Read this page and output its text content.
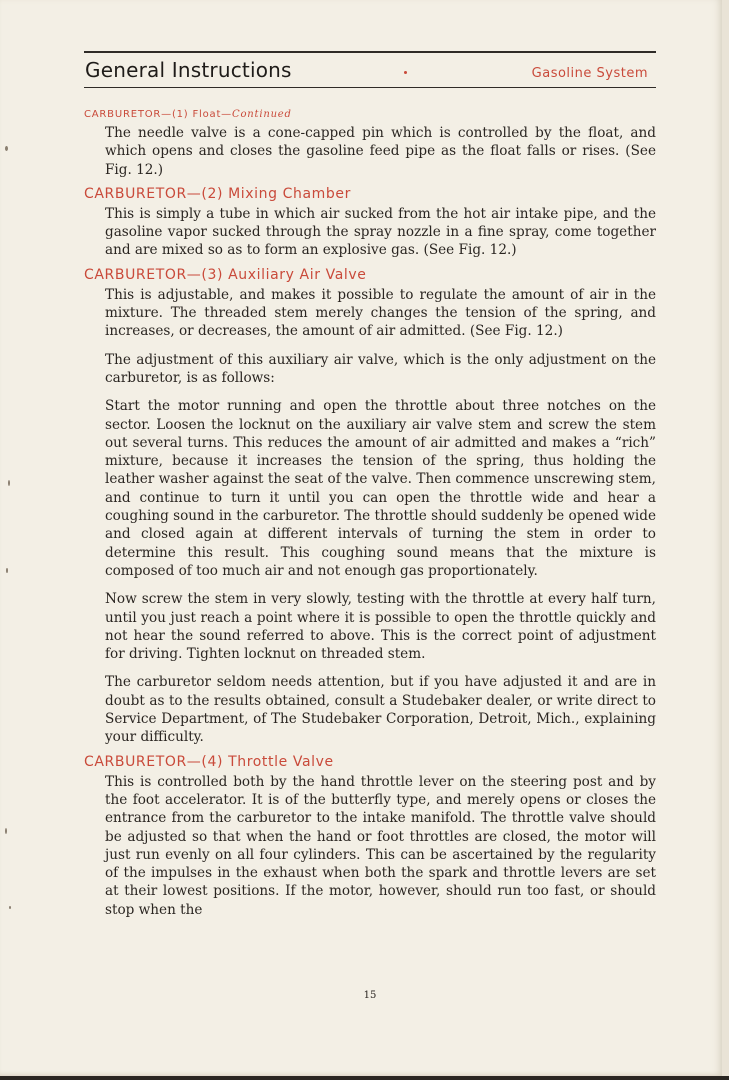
General Instructions	Gasoline System
CARBURETOR—(1) Float—Continued

The needle valve is a cone-capped pin which is controlled by the float, and which opens and closes the gasoline feed pipe as the float falls or rises. (See Fig. 12.)

CARBURETOR—(2) Mixing Chamber

This is simply a tube in which air sucked from the hot air intake pipe, and the gasoline vapor sucked through the spray nozzle in a fine spray, come together and are mixed so as to form an explosive gas. (See Fig. 12.)

CARBURETOR—(3) Auxiliary Air Valve

This is adjustable, and makes it possible to regulate the amount of air in the mixture. The threaded stem merely changes the tension of the spring, and increases, or decreases, the amount of air admitted. (See Fig. 12.)

The adjustment of this auxiliary air valve, which is the only adjustment on the carburetor, is as follows:

Start the motor running and open the throttle about three notches on the sector. Loosen the locknut on the auxiliary air valve stem and screw the stem out several turns. This reduces the amount of air admitted and makes a “rich” mixture, because it increases the tension of the spring, thus holding the leather washer against the seat of the valve. Then commence unscrewing stem, and continue to turn it until you can open the throttle wide and hear a coughing sound in the carburetor. The throttle should suddenly be opened wide and closed again at different intervals of turning the stem in order to determine this result. This coughing sound means that the mixture is composed of too much air and not enough gas proportionately.

Now screw the stem in very slowly, testing with the throttle at every half turn, until you just reach a point where it is possible to open the throttle quickly and not hear the sound referred to above. This is the correct point of adjustment for driving. Tighten locknut on threaded stem.

The carburetor seldom needs attention, but if you have adjusted it and are in doubt as to the results obtained, consult a Studebaker dealer, or write direct to Service Department, of The Studebaker Corporation, Detroit, Mich., explaining your difficulty.

CARBURETOR—(4) Throttle Valve

This is controlled both by the hand throttle lever on the steering post and by the foot accelerator. It is of the butterfly type, and merely opens or closes the entrance from the carburetor to the intake manifold. The throttle valve should be adjusted so that when the hand or foot throttles are closed, the motor will just run evenly on all four cylinders. This can be ascertained by the regularity of the impulses in the exhaust when both the spark and throttle levers are set at their lowest positions. If the motor, however, should run too fast, or should stop when the

15
